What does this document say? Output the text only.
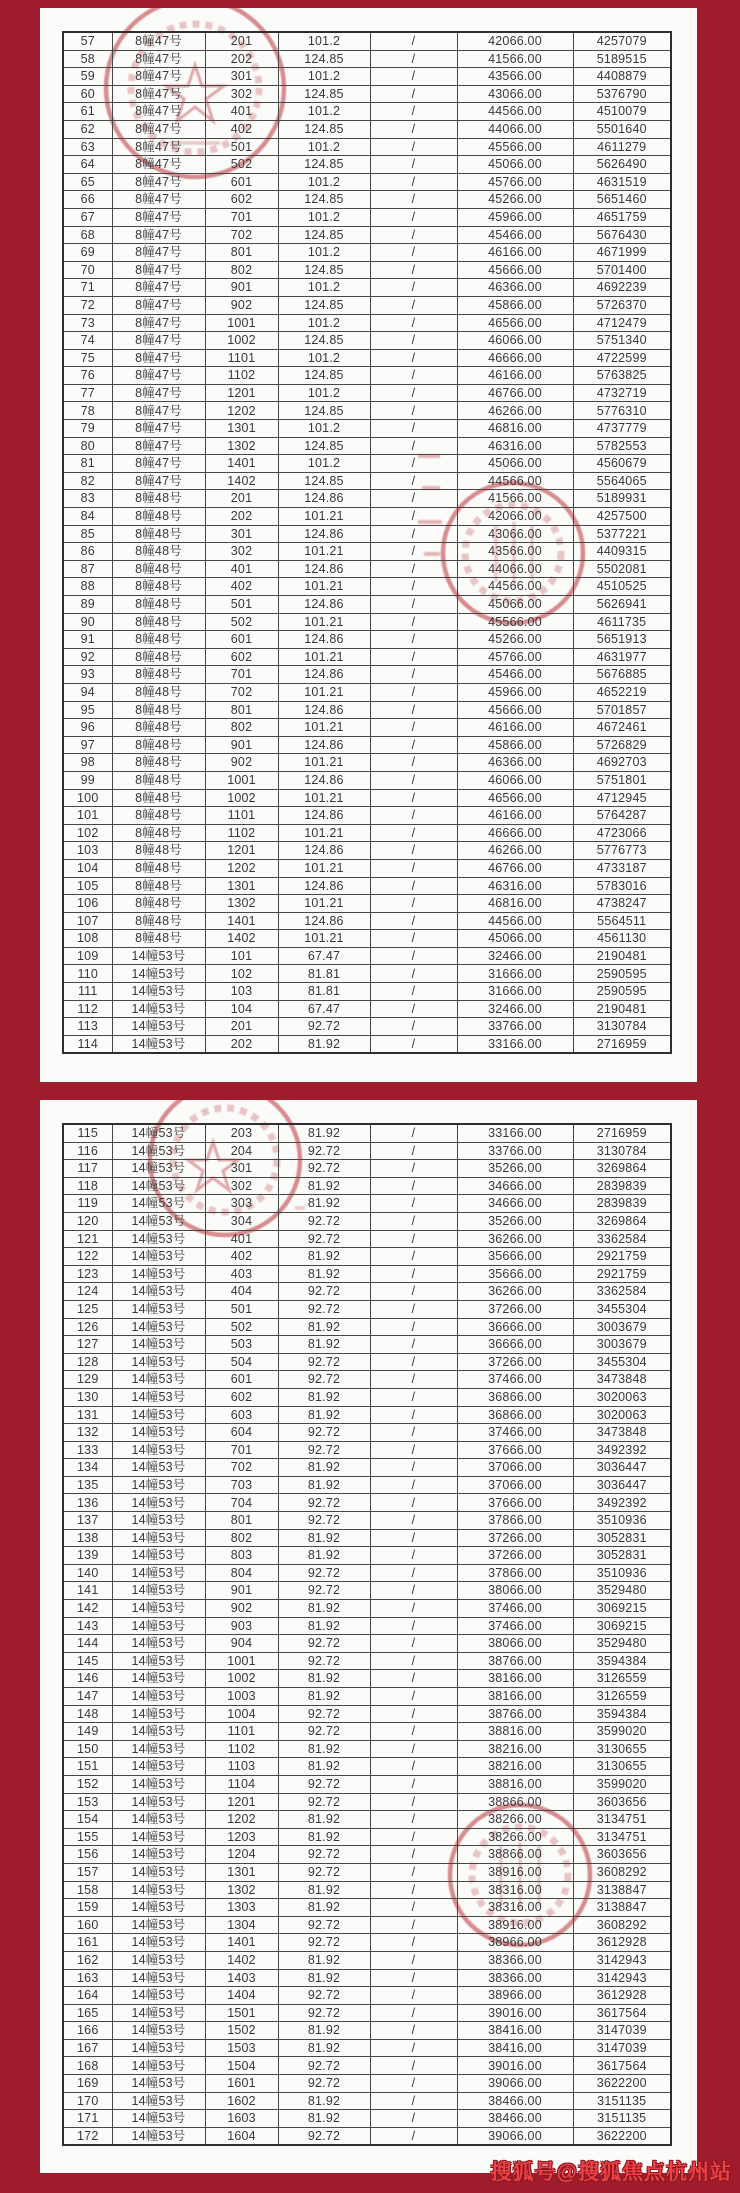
57	8幢47号	201	101.2	/	42066.00	4257079
58	8幢47号	202	124.85	/	41566.00	5189515
59	8幢47号	301	101.2	/	43566.00	4408879
60	8幢47号	302	124.85	/	43066.00	5376790
61	8幢47号	401	101.2	/	44566.00	4510079
62	8幢47号	402	124.85	/	44066.00	5501640
63	8幢47号	501	101.2	/	45566.00	4611279
64	8幢47号	502	124.85	/	45066.00	5626490
65	8幢47号	601	101.2	/	45766.00	4631519
66	8幢47号	602	124.85	/	45266.00	5651460
67	8幢47号	701	101.2	/	45966.00	4651759
68	8幢47号	702	124.85	/	45466.00	5676430
69	8幢47号	801	101.2	/	46166.00	4671999
70	8幢47号	802	124.85	/	45666.00	5701400
71	8幢47号	901	101.2	/	46366.00	4692239
72	8幢47号	902	124.85	/	45866.00	5726370
73	8幢47号	1001	101.2	/	46566.00	4712479
74	8幢47号	1002	124.85	/	46066.00	5751340
75	8幢47号	1101	101.2	/	46666.00	4722599
76	8幢47号	1102	124.85	/	46166.00	5763825
77	8幢47号	1201	101.2	/	46766.00	4732719
78	8幢47号	1202	124.85	/	46266.00	5776310
79	8幢47号	1301	101.2	/	46816.00	4737779
80	8幢47号	1302	124.85	/	46316.00	5782553
81	8幢47号	1401	101.2	/	45066.00	4560679
82	8幢47号	1402	124.85	/	44566.00	5564065
83	8幢48号	201	124.86	/	41566.00	5189931
84	8幢48号	202	101.21	/	42066.00	4257500
85	8幢48号	301	124.86	/	43066.00	5377221
86	8幢48号	302	101.21	/	43566.00	4409315
87	8幢48号	401	124.86	/	44066.00	5502081
88	8幢48号	402	101.21	/	44566.00	4510525
89	8幢48号	501	124.86	/	45066.00	5626941
90	8幢48号	502	101.21	/	45566.00	4611735
91	8幢48号	601	124.86	/	45266.00	5651913
92	8幢48号	602	101.21	/	45766.00	4631977
93	8幢48号	701	124.86	/	45466.00	5676885
94	8幢48号	702	101.21	/	45966.00	4652219
95	8幢48号	801	124.86	/	45666.00	5701857
96	8幢48号	802	101.21	/	46166.00	4672461
97	8幢48号	901	124.86	/	45866.00	5726829
98	8幢48号	902	101.21	/	46366.00	4692703
99	8幢48号	1001	124.86	/	46066.00	5751801
100	8幢48号	1002	101.21	/	46566.00	4712945
101	8幢48号	1101	124.86	/	46166.00	5764287
102	8幢48号	1102	101.21	/	46666.00	4723066
103	8幢48号	1201	124.86	/	46266.00	5776773
104	8幢48号	1202	101.21	/	46766.00	4733187
105	8幢48号	1301	124.86	/	46316.00	5783016
106	8幢48号	1302	101.21	/	46816.00	4738247
107	8幢48号	1401	124.86	/	44566.00	5564511
108	8幢48号	1402	101.21	/	45066.00	4561130
109	14幢53号	101	67.47	/	32466.00	2190481
110	14幢53号	102	81.81	/	31666.00	2590595
111	14幢53号	103	81.81	/	31666.00	2590595
112	14幢53号	104	67.47	/	32466.00	2190481
113	14幢53号	201	92.72	/	33766.00	3130784
114	14幢53号	202	81.92	/	33166.00	2716959
115	14幢53号	203	81.92	/	33166.00	2716959
116	14幢53号	204	92.72	/	33766.00	3130784
117	14幢53号	301	92.72	/	35266.00	3269864
118	14幢53号	302	81.92	/	34666.00	2839839
119	14幢53号	303	81.92	/	34666.00	2839839
120	14幢53号	304	92.72	/	35266.00	3269864
121	14幢53号	401	92.72	/	36266.00	3362584
122	14幢53号	402	81.92	/	35666.00	2921759
123	14幢53号	403	81.92	/	35666.00	2921759
124	14幢53号	404	92.72	/	36266.00	3362584
125	14幢53号	501	92.72	/	37266.00	3455304
126	14幢53号	502	81.92	/	36666.00	3003679
127	14幢53号	503	81.92	/	36666.00	3003679
128	14幢53号	504	92.72	/	37266.00	3455304
129	14幢53号	601	92.72	/	37466.00	3473848
130	14幢53号	602	81.92	/	36866.00	3020063
131	14幢53号	603	81.92	/	36866.00	3020063
132	14幢53号	604	92.72	/	37466.00	3473848
133	14幢53号	701	92.72	/	37666.00	3492392
134	14幢53号	702	81.92	/	37066.00	3036447
135	14幢53号	703	81.92	/	37066.00	3036447
136	14幢53号	704	92.72	/	37666.00	3492392
137	14幢53号	801	92.72	/	37866.00	3510936
138	14幢53号	802	81.92	/	37266.00	3052831
139	14幢53号	803	81.92	/	37266.00	3052831
140	14幢53号	804	92.72	/	37866.00	3510936
141	14幢53号	901	92.72	/	38066.00	3529480
142	14幢53号	902	81.92	/	37466.00	3069215
143	14幢53号	903	81.92	/	37466.00	3069215
144	14幢53号	904	92.72	/	38066.00	3529480
145	14幢53号	1001	92.72	/	38766.00	3594384
146	14幢53号	1002	81.92	/	38166.00	3126559
147	14幢53号	1003	81.92	/	38166.00	3126559
148	14幢53号	1004	92.72	/	38766.00	3594384
149	14幢53号	1101	92.72	/	38816.00	3599020
150	14幢53号	1102	81.92	/	38216.00	3130655
151	14幢53号	1103	81.92	/	38216.00	3130655
152	14幢53号	1104	92.72	/	38816.00	3599020
153	14幢53号	1201	92.72	/	38866.00	3603656
154	14幢53号	1202	81.92	/	38266.00	3134751
155	14幢53号	1203	81.92	/	38266.00	3134751
156	14幢53号	1204	92.72	/	38866.00	3603656
157	14幢53号	1301	92.72	/	38916.00	3608292
158	14幢53号	1302	81.92	/	38316.00	3138847
159	14幢53号	1303	81.92	/	38316.00	3138847
160	14幢53号	1304	92.72	/	38916.00	3608292
161	14幢53号	1401	92.72	/	38966.00	3612928
162	14幢53号	1402	81.92	/	38366.00	3142943
163	14幢53号	1403	81.92	/	38366.00	3142943
164	14幢53号	1404	92.72	/	38966.00	3612928
165	14幢53号	1501	92.72	/	39016.00	3617564
166	14幢53号	1502	81.92	/	38416.00	3147039
167	14幢53号	1503	81.92	/	38416.00	3147039
168	14幢53号	1504	92.72	/	39016.00	3617564
169	14幢53号	1601	92.72	/	39066.00	3622200
170	14幢53号	1602	81.92	/	38466.00	3151135
171	14幢53号	1603	81.92	/	38466.00	3151135
172	14幢53号	1604	92.72	/	39066.00	3622200
搜狐号@搜狐焦点杭州站
